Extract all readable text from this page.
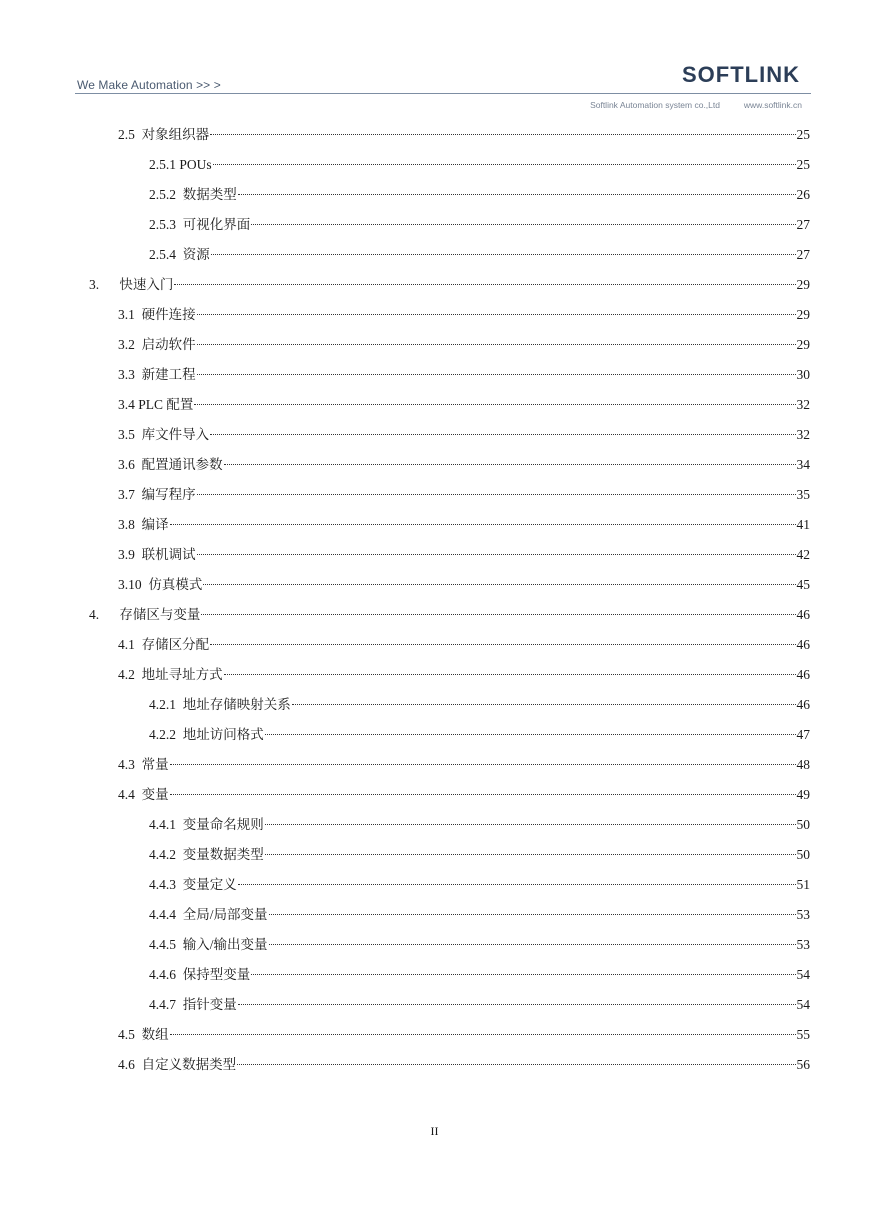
We Make Automation >> >	SOFTLINK
Softlink Automation system co.,Ltd	www.softlink.cn
2.5  对象组织器	25
2.5.1 POUs	25
2.5.2  数据类型	26
2.5.3  可视化界面	27
2.5.4  资源	27
3.      快速入门	29
3.1  硬件连接	29
3.2  启动软件	29
3.3  新建工程	30
3.4 PLC 配置	32
3.5  库文件导入	32
3.6  配置通讯参数	34
3.7  编写程序	35
3.8  编译	41
3.9  联机调试	42
3.10  仿真模式	45
4.      存储区与变量	46
4.1  存储区分配	46
4.2  地址寻址方式	46
4.2.1  地址存储映射关系	46
4.2.2  地址访问格式	47
4.3  常量	48
4.4  变量	49
4.4.1  变量命名规则	50
4.4.2  变量数据类型	50
4.4.3  变量定义	51
4.4.4  全局/局部变量	53
4.4.5  输入/输出变量	53
4.4.6  保持型变量	54
4.4.7  指针变量	54
4.5  数组	55
4.6  自定义数据类型	56
II
